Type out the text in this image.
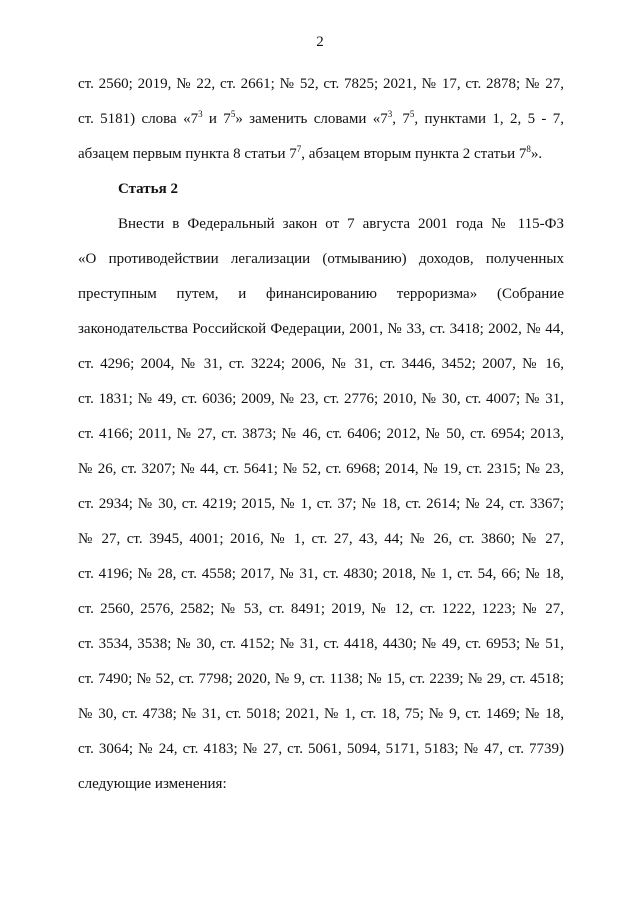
2
ст. 2560; 2019, № 22, ст. 2661; № 52, ст. 7825; 2021, № 17, ст. 2878; № 27,
ст. 5181) слова «$7^3$ и $7^5$» заменить словами «$7^3$, $7^5$, пунктами 1, 2, 5 - 7,
абзацем первым пункта 8 статьи $7^7$, абзацем вторым пункта 2 статьи $7^8$».
Статья 2
Внести в Федеральный закон от 7 августа 2001 года № 115-ФЗ
«О противодействии легализации (отмыванию) доходов, полученных
преступным путем, и финансированию терроризма» (Собрание
законодательства Российской Федерации, 2001, № 33, ст. 3418; 2002, № 44,
ст. 4296; 2004, № 31, ст. 3224; 2006, № 31, ст. 3446, 3452; 2007, № 16,
ст. 1831; № 49, ст. 6036; 2009, № 23, ст. 2776; 2010, № 30, ст. 4007; № 31,
ст. 4166; 2011, № 27, ст. 3873; № 46, ст. 6406; 2012, № 50, ст. 6954; 2013,
№ 26, ст. 3207; № 44, ст. 5641; № 52, ст. 6968; 2014, № 19, ст. 2315; № 23,
ст. 2934; № 30, ст. 4219; 2015, № 1, ст. 37; № 18, ст. 2614; № 24, ст. 3367;
№ 27, ст. 3945, 4001; 2016, № 1, ст. 27, 43, 44; № 26, ст. 3860; № 27,
ст. 4196; № 28, ст. 4558; 2017, № 31, ст. 4830; 2018, № 1, ст. 54, 66; № 18,
ст. 2560, 2576, 2582; № 53, ст. 8491; 2019, № 12, ст. 1222, 1223; № 27,
ст. 3534, 3538; № 30, ст. 4152; № 31, ст. 4418, 4430; № 49, ст. 6953; № 51,
ст. 7490; № 52, ст. 7798; 2020, № 9, ст. 1138; № 15, ст. 2239; № 29, ст. 4518;
№ 30, ст. 4738; № 31, ст. 5018; 2021, № 1, ст. 18, 75; № 9, ст. 1469; № 18,
ст. 3064; № 24, ст. 4183; № 27, ст. 5061, 5094, 5171, 5183; № 47, ст. 7739)
следующие изменения:
